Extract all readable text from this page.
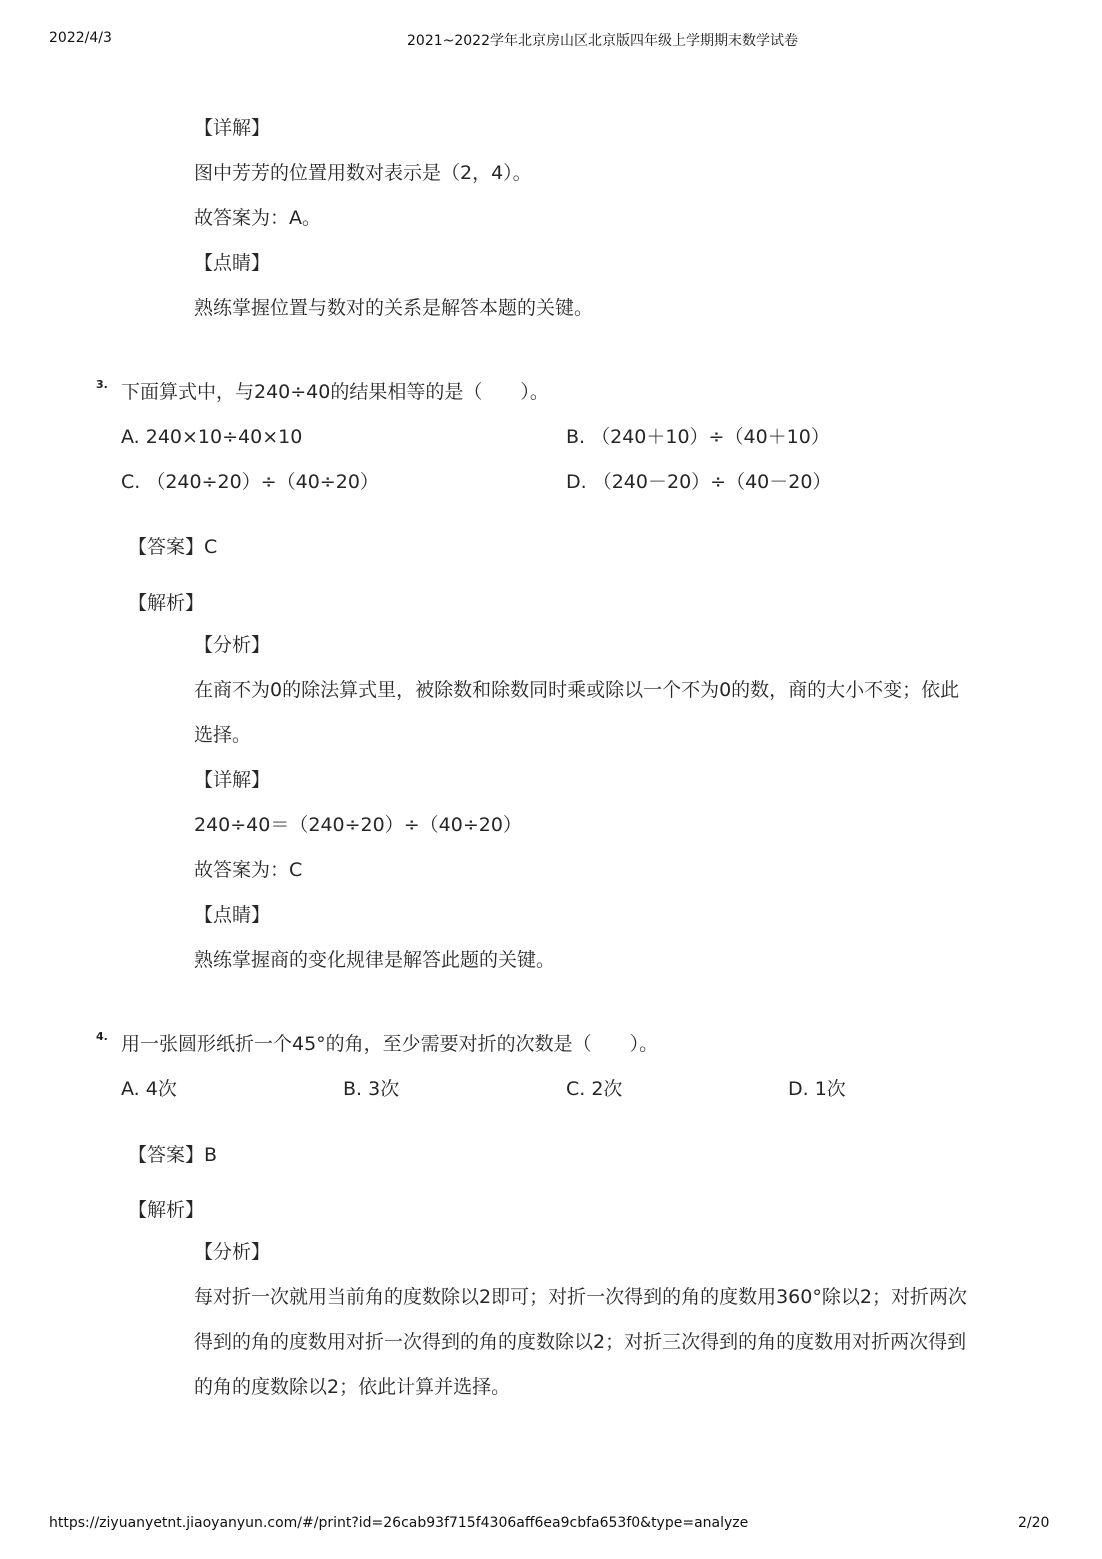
2022/4/3	2021~2022学年北京房山区北京版四年级上学期期末数学试卷
【详解】
图中芳芳的位置用数对表示是（2，4）。
故答案为：A。
【点睛】
熟练掌握位置与数对的关系是解答本题的关键。
3. 下面算式中，与240÷40的结果相等的是（　　）。
A. 240×10÷40×10	B. （240＋10）÷（40＋10）
C. （240÷20）÷（40÷20）	D. （240－20）÷（40－20）
【答案】C
【解析】
【分析】
在商不为0的除法算式里，被除数和除数同时乘或除以一个不为0的数，商的大小不变；依此
选择。
【详解】
240÷40＝（240÷20）÷（40÷20）
故答案为：C
【点睛】
熟练掌握商的变化规律是解答此题的关键。
4. 用一张圆形纸折一个45°的角，至少需要对折的次数是（　　）。
A. 4次	B. 3次	C. 2次	D. 1次
【答案】B
【解析】
【分析】
每对折一次就用当前角的度数除以2即可；对折一次得到的角的度数用360°除以2；对折两次
得到的角的度数用对折一次得到的角的度数除以2；对折三次得到的角的度数用对折两次得到
的角的度数除以2；依此计算并选择。
https://ziyuanyetnt.jiaoyanyun.com/#/print?id=26cab93f715f4306aff6ea9cbfa653f0&type=analyze	2/20
